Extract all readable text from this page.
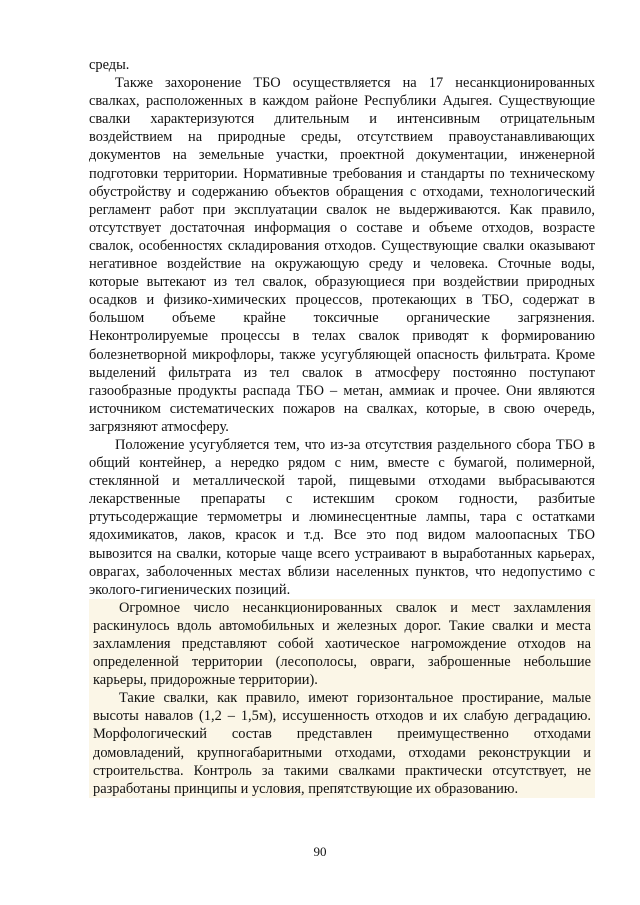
среды.

Также захоронение ТБО осуществляется на 17 несанкционированных свалках, расположенных в каждом районе Республики Адыгея. Существующие свалки характеризуются длительным и интенсивным отрицательным воздействием на природные среды, отсутствием правоустанавливающих документов на земельные участки, проектной документации, инженерной подготовки территории. Нормативные требования и стандарты по техническому обустройству и содержанию объектов обращения с отходами, технологический регламент работ при эксплуатации свалок не выдерживаются. Как правило, отсутствует достаточная информация о составе и объеме отходов, возрасте свалок, особенностях складирования отходов. Существующие свалки оказывают негативное воздействие на окружающую среду и человека. Сточные воды, которые вытекают из тел свалок, образующиеся при воздействии природных осадков и физико-химических процессов, протекающих в ТБО, содержат в большом объеме крайне токсичные органические загрязнения. Неконтролируемые процессы в телах свалок приводят к формированию болезнетворной микрофлоры, также усугубляющей опасность фильтрата. Кроме выделений фильтрата из тел свалок в атмосферу постоянно поступают газообразные продукты распада ТБО – метан, аммиак и прочее. Они являются источником систематических пожаров на свалках, которые, в свою очередь, загрязняют атмосферу.

Положение усугубляется тем, что из-за отсутствия раздельного сбора ТБО в общий контейнер, а нередко рядом с ним, вместе с бумагой, полимерной, стеклянной и металлической тарой, пищевыми отходами выбрасываются лекарственные препараты с истекшим сроком годности, разбитые ртутьсодержащие термометры и люминесцентные лампы, тара с остатками ядохимикатов, лаков, красок и т.д. Все это под видом малоопасных ТБО вывозится на свалки, которые чаще всего устраивают в выработанных карьерах, оврагах, заболоченных местах вблизи населенных пунктов, что недопустимо с эколого-гигиенических позиций.

Огромное число несанкционированных свалок и мест захламления раскинулось вдоль автомобильных и железных дорог. Такие свалки и места захламления представляют собой хаотическое нагромождение отходов на определенной территории (лесополосы, овраги, заброшенные небольшие карьеры, придорожные территории).

Такие свалки, как правило, имеют горизонтальное простирание, малые высоты навалов (1,2 – 1,5м), иссушенность отходов и их слабую деградацию. Морфологический состав представлен преимущественно отходами домовладений, крупногабаритными отходами, отходами реконструкции и строительства. Контроль за такими свалками практически отсутствует, не разработаны принципы и условия, препятствующие их образованию.

90
